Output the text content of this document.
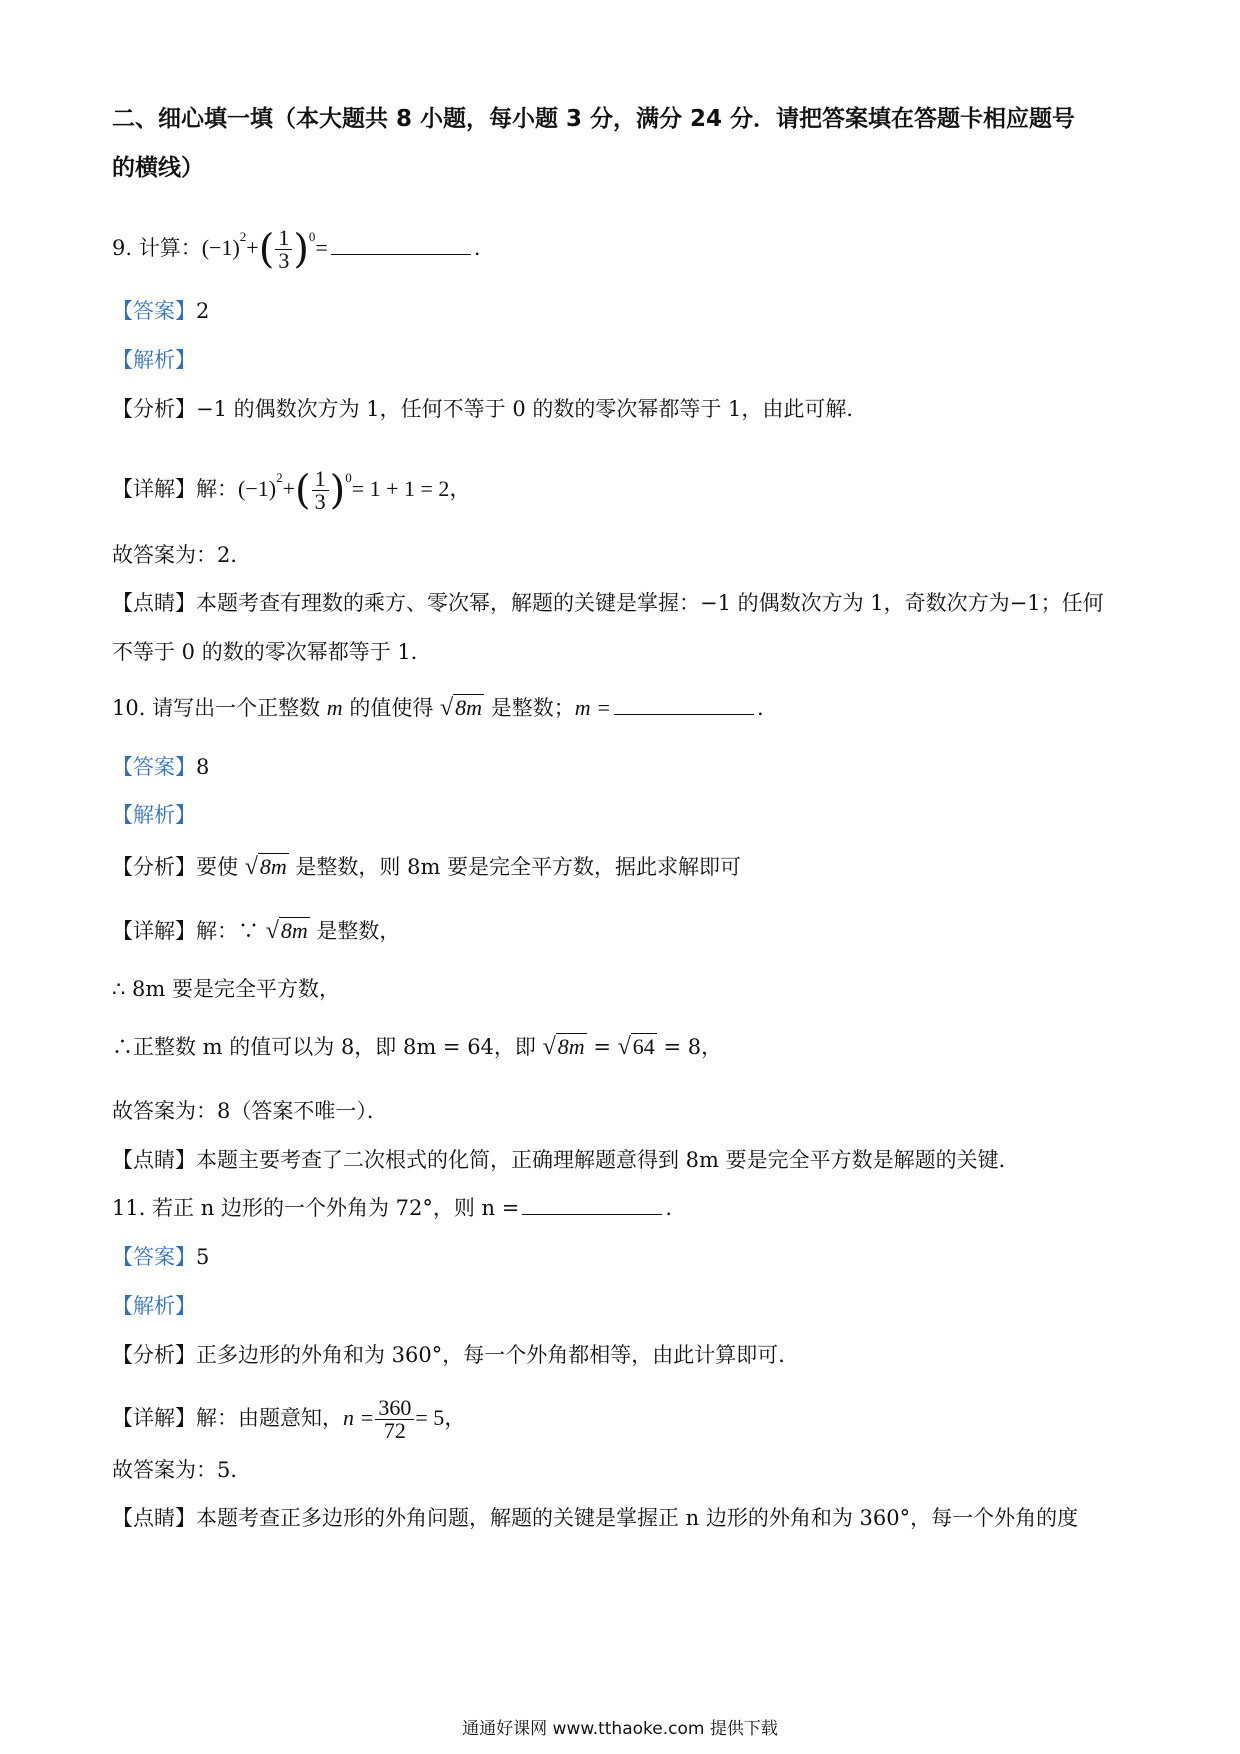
二、细心填一填（本大题共 8 小题，每小题 3 分，满分 24 分．请把答案填在答题卡相应题号
的横线）
9. 计算：$(-1)^2+( \frac{1}{3} )^0=$	.
【答案】2
【解析】
【分析】−1 的偶数次方为 1，任何不等于 0 的数的零次幂都等于 1，由此可解．
【详解】解：$(-1)^2+( \frac{1}{3} )^0= 1 + 1 = 2$，
故答案为：2．
【点睛】本题考查有理数的乘方、零次幂，解题的关键是掌握：−1 的偶数次方为 1，奇数次方为−1；任何
不等于 0 的数的零次幂都等于 1．
10. 请写出一个正整数 m 的值使得 √8m 是整数；m =	.
【答案】8
【解析】
【分析】要使 √8m 是整数，则 8m 要是完全平方数，据此求解即可
【详解】解：∵ √8m 是整数，
∴ 8m 要是完全平方数，
∴正整数 m 的值可以为 8，即 8m = 64，即 √8m = √64 = 8，
故答案为：8（答案不唯一）．
【点睛】本题主要考查了二次根式的化简，正确理解题意得到 8m 要是完全平方数是解题的关键．
11. 若正 n 边形的一个外角为 72°，则 n =	.
【答案】5
【解析】
【分析】正多边形的外角和为 360°，每一个外角都相等，由此计算即可．
【详解】解：由题意知，$n = \frac{360}{72} = 5$，
故答案为：5．
【点睛】本题考查正多边形的外角问题，解题的关键是掌握正 n 边形的外角和为 360°，每一个外角的度
通通好课网 www.tthaoke.com 提供下载
